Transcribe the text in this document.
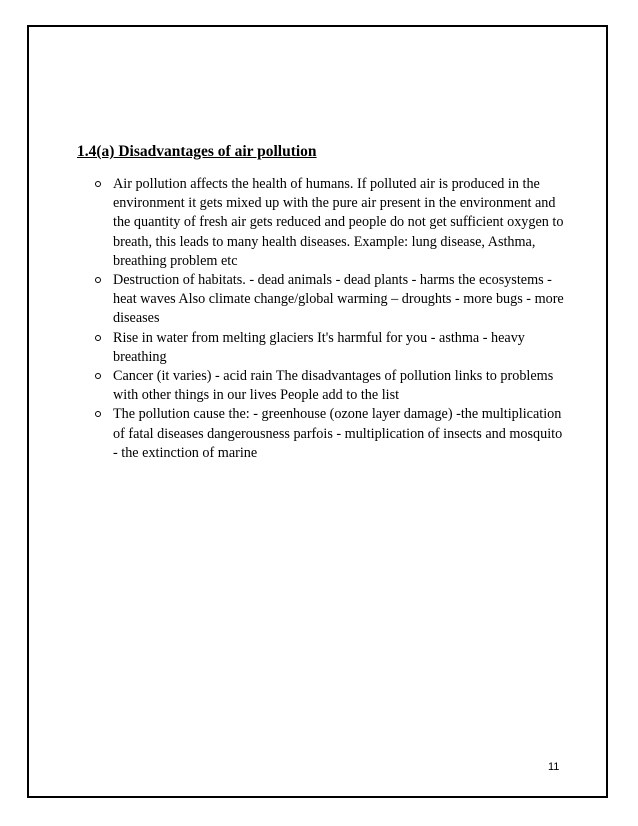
1.4(a) Disadvantages of air pollution
Air pollution affects the health of humans. If polluted air is produced in the environment it gets mixed up with the pure air present in the environment and the quantity of fresh air gets reduced and people do not get sufficient oxygen to breath, this leads to many health diseases. Example: lung disease, Asthma, breathing problem etc
Destruction of habitats. - dead animals - dead plants - harms the ecosystems - heat waves Also climate change/global warming – droughts - more bugs - more diseases
Rise in water from melting glaciers It's harmful for you - asthma - heavy breathing
Cancer (it varies) - acid rain The disadvantages of pollution links to problems with other things in our lives People add to the list
The pollution cause the: - greenhouse (ozone layer damage) -the multiplication of fatal diseases dangerousness parfois - multiplication of insects and mosquito - the extinction of marine
11
